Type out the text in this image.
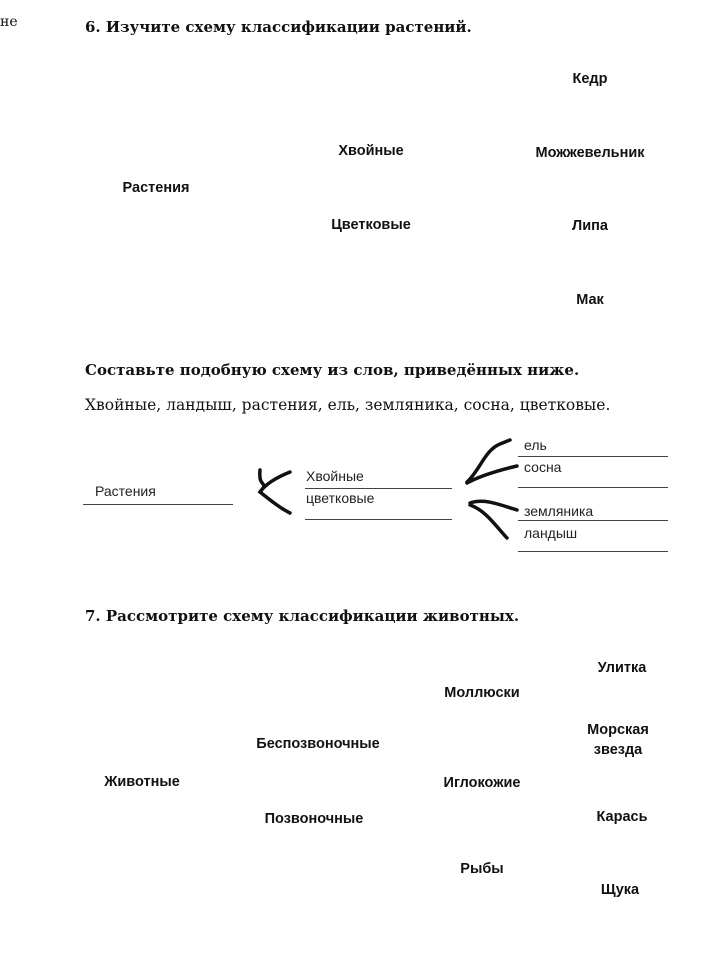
не	6. Изучите схему классификации растений.
Кедр
Хвойные	Можжевельник
Растения
Цветковые	Липа
Мак
Составьте подобную схему из слов, приведённых ниже.
Хвойные, ландыш, растения, ель, земляника, сосна, цветковые.
Растения
Хвойные
цветковые
ель
сосна
земляника
ландыш
7. Рассмотрите схему классификации животных.
Улитка
Моллюски
Морская
звезда
Беспозвоночные
Животные	Иглокожие
Позвоночные	Карась
Рыбы
Щука
